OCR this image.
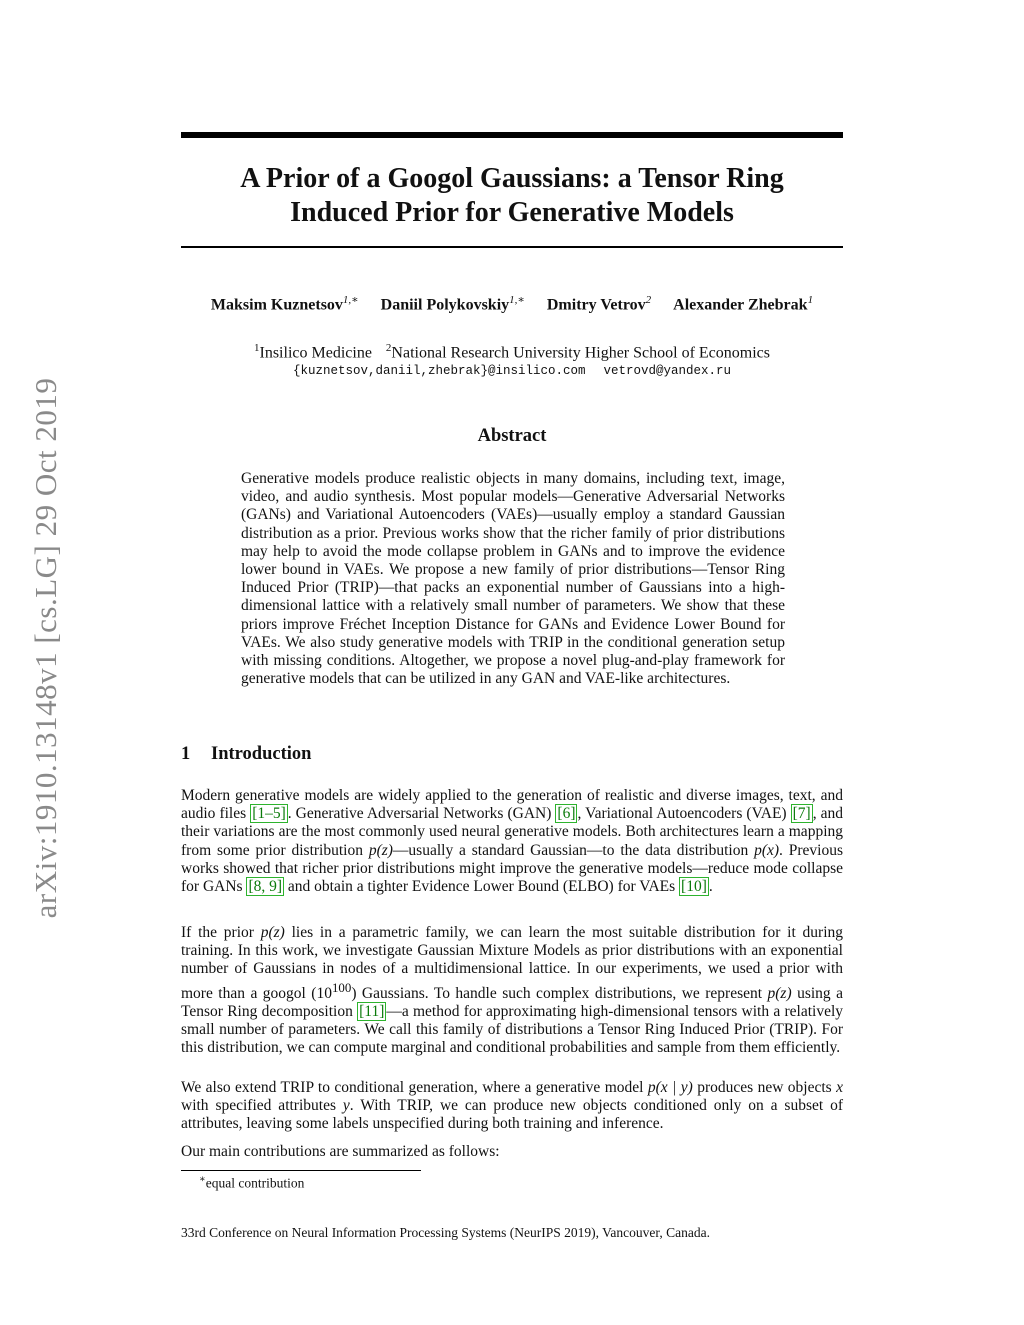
arXiv:1910.13148v1 [cs.LG] 29 Oct 2019
A Prior of a Googol Gaussians: a Tensor Ring
Induced Prior for Generative Models
Maksim Kuznetsov$^{1,∗}$ Daniil Polykovskiy$^{1,∗}$ Dmitry Vetrov$^2$ Alexander Zhebrak$^1$
$^1$Insilico Medicine $^2$National Research University Higher School of Economics
{kuznetsov,daniil,zhebrak}@insilico.com vetrovd@yandex.ru
Abstract

Generative models produce realistic objects in many domains, including text, image, video, and audio synthesis. Most popular models—Generative Adversarial Networks (GANs) and Variational Autoencoders (VAEs)—usually employ a standard Gaussian distribution as a prior. Previous works show that the richer family of prior distributions may help to avoid the mode collapse problem in GANs and to improve the evidence lower bound in VAEs. We propose a new family of prior distributions—Tensor Ring Induced Prior (TRIP)—that packs an exponential number of Gaussians into a high-dimensional lattice with a relatively small number of parameters. We show that these priors improve Fréchet Inception Distance for GANs and Evidence Lower Bound for VAEs. We also study generative models with TRIP in the conditional generation setup with missing conditions. Altogether, we propose a novel plug-and-play framework for generative models that can be utilized in any GAN and VAE-like architectures.

1 Introduction

Modern generative models are widely applied to the generation of realistic and diverse images, text, and audio files [1–5] . Generative Adversarial Networks (GAN) [6] , Variational Autoencoders (VAE) [7] , and their variations are the most commonly used neural generative models. Both architectures learn a mapping from some prior distribution p(z)—usually a standard Gaussian—to the data distribution p(x). Previous works showed that richer prior distributions might improve the generative models—reduce mode collapse for GANs [8, 9] and obtain a tighter Evidence Lower Bound (ELBO) for VAEs [10] .

If the prior p(z) lies in a parametric family, we can learn the most suitable distribution for it during training. In this work, we investigate Gaussian Mixture Models as prior distributions with an exponential number of Gaussians in nodes of a multidimensional lattice. In our experiments, we used a prior with more than a googol $(10^{100})$ Gaussians. To handle such complex distributions, we represent p(z) using a Tensor Ring decomposition [11] —a method for approximating high-dimensional tensors with a relatively small number of parameters. We call this family of distributions a Tensor Ring Induced Prior (TRIP). For this distribution, we can compute marginal and conditional probabilities and sample from them efficiently.

We also extend TRIP to conditional generation, where a generative model p(x | y) produces new objects x with specified attributes y. With TRIP, we can produce new objects conditioned only on a subset of attributes, leaving some labels unspecified during both training and inference.

Our main contributions are summarized as follows:

∗equal contribution
33rd Conference on Neural Information Processing Systems (NeurIPS 2019), Vancouver, Canada.
